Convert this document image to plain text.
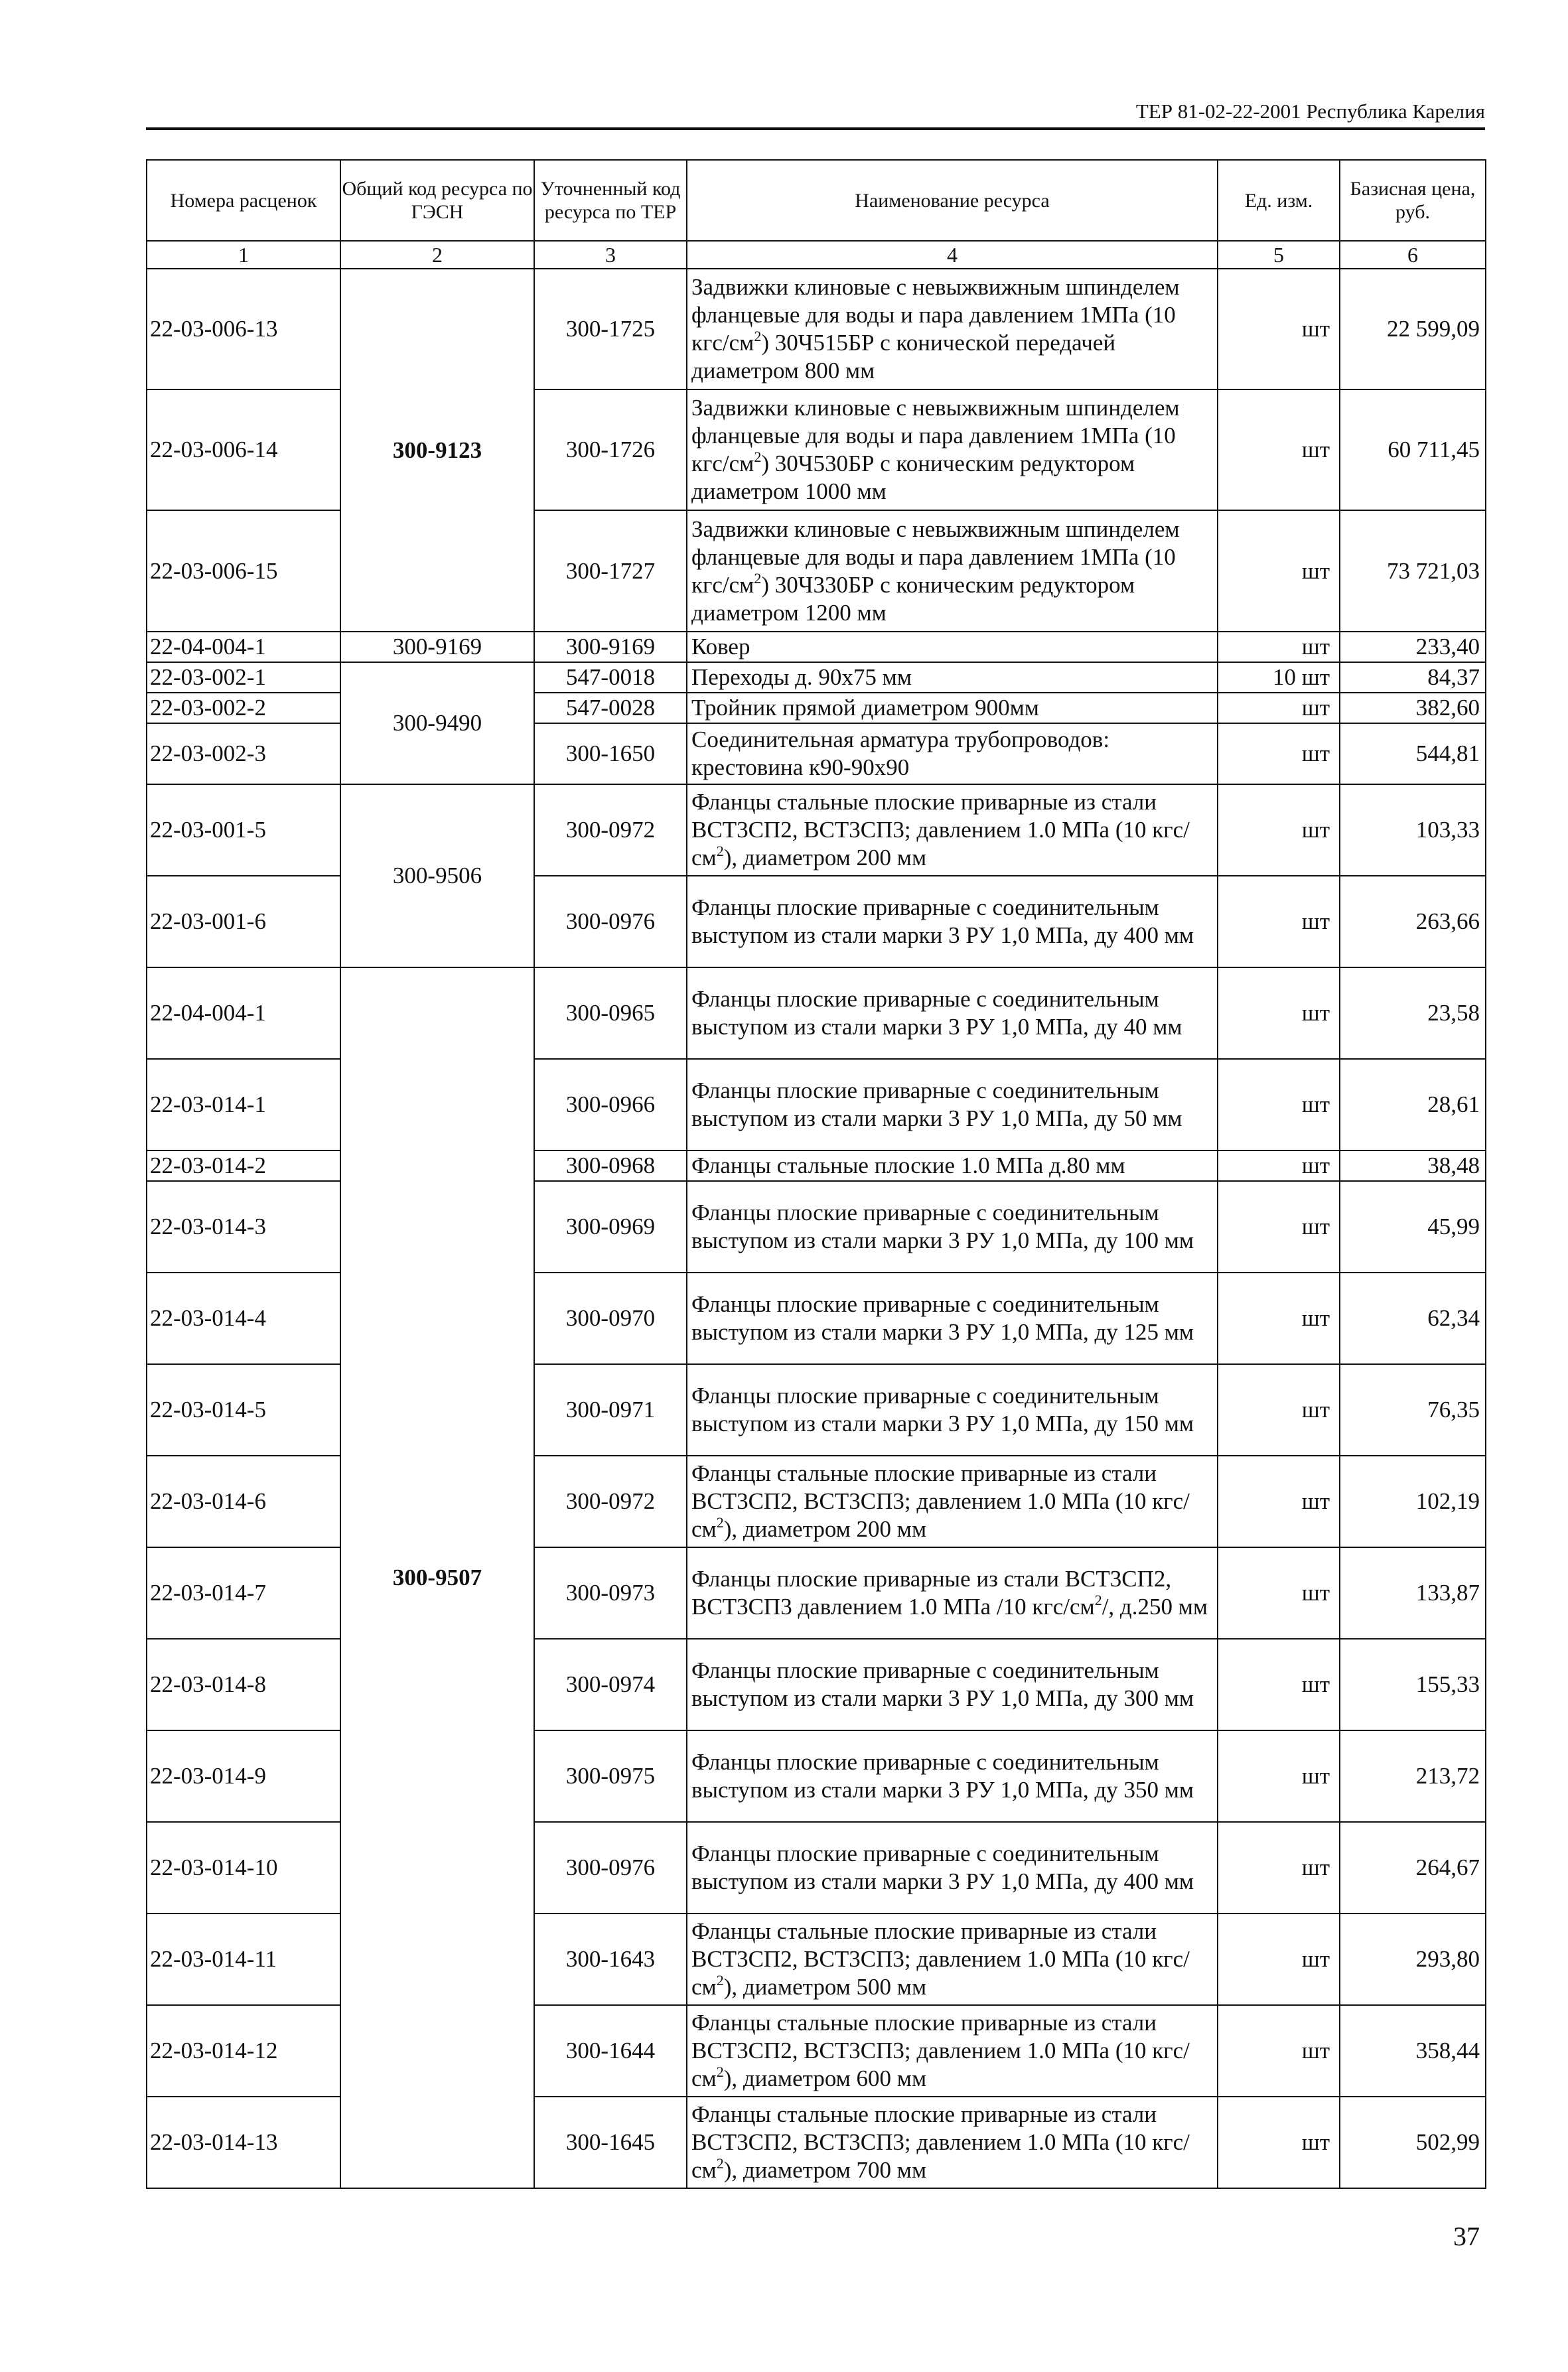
ТЕР 81-02-22-2001 Республика Карелия
Номера расценок	Общий код ресурса по ГЭСН	Уточненный код ресурса по ТЕР	Наименование ресурса	Ед. изм.	Базисная цена, руб.
1	2	3	4	5	6
22-03-006-13	300-9123	300-1725	Задвижки клиновые с невыжвижным шпинделем фланцевые для воды и пара давлением 1МПа (10 кгс/$см^2$) 30Ч515БР с конической передачей диаметром 800 мм	шт	22 599,09
22-03-006-14		300-1726	Задвижки клиновые с невыжвижным шпинделем фланцевые для воды и пара давлением 1МПа (10 кгс/$см^2$) 30Ч530БР с коническим редуктором диаметром 1000 мм	шт	60 711,45
22-03-006-15		300-1727	Задвижки клиновые с невыжвижным шпинделем фланцевые для воды и пара давлением 1МПа (10 кгс/$см^2$) 30Ч330БР с коническим редуктором диаметром 1200 мм	шт	73 721,03
22-04-004-1	300-9169	300-9169	Ковер	шт	233,40
22-03-002-1	300-9490	547-0018	Переходы д. 90х75 мм	10 шт	84,37
22-03-002-2		547-0028	Тройник прямой диаметром 900мм	шт	382,60
22-03-002-3		300-1650	Соединительная арматура трубопроводов: крестовина к90-90х90	шт	544,81
22-03-001-5	300-9506	300-0972	Фланцы стальные плоские приварные из стали ВСТ3СП2, ВСТ3СП3; давлением 1.0 МПа (10 кгс/$см^2$), диаметром 200 мм	шт	103,33
22-03-001-6		300-0976	Фланцы плоские приварные с соединительным выступом из стали марки 3 РУ 1,0 МПа, ду 400 мм	шт	263,66
22-04-004-1	300-9507	300-0965	Фланцы плоские приварные с соединительным выступом из стали марки 3 РУ 1,0 МПа, ду 40 мм	шт	23,58
22-03-014-1		300-0966	Фланцы плоские приварные с соединительным выступом из стали марки 3 РУ 1,0 МПа, ду 50 мм	шт	28,61
22-03-014-2		300-0968	Фланцы стальные плоские 1.0 МПа д.80 мм	шт	38,48
22-03-014-3		300-0969	Фланцы плоские приварные с соединительным выступом из стали марки 3 РУ 1,0 МПа, ду 100 мм	шт	45,99
22-03-014-4		300-0970	Фланцы плоские приварные с соединительным выступом из стали марки 3 РУ 1,0 МПа, ду 125 мм	шт	62,34
22-03-014-5		300-0971	Фланцы плоские приварные с соединительным выступом из стали марки 3 РУ 1,0 МПа, ду 150 мм	шт	76,35
22-03-014-6		300-0972	Фланцы стальные плоские приварные из стали ВСТ3СП2, ВСТ3СП3; давлением 1.0 МПа (10 кгс/$см^2$), диаметром 200 мм	шт	102,19
22-03-014-7		300-0973	Фланцы плоские приварные из стали ВСТ3СП2, ВСТ3СП3 давлением 1.0 МПа /10 кгс/$см^2/$, д.250 мм	шт	133,87
22-03-014-8		300-0974	Фланцы плоские приварные с соединительным выступом из стали марки 3 РУ 1,0 МПа, ду 300 мм	шт	155,33
22-03-014-9		300-0975	Фланцы плоские приварные с соединительным выступом из стали марки 3 РУ 1,0 МПа, ду 350 мм	шт	213,72
22-03-014-10		300-0976	Фланцы плоские приварные с соединительным выступом из стали марки 3 РУ 1,0 МПа, ду 400 мм	шт	264,67
22-03-014-11		300-1643	Фланцы стальные плоские приварные из стали ВСТ3СП2, ВСТ3СП3; давлением 1.0 МПа (10 кгс/$см^2$), диаметром 500 мм	шт	293,80
22-03-014-12		300-1644	Фланцы стальные плоские приварные из стали ВСТ3СП2, ВСТ3СП3; давлением 1.0 МПа (10 кгс/$см^2$), диаметром 600 мм	шт	358,44
22-03-014-13		300-1645	Фланцы стальные плоские приварные из стали ВСТ3СП2, ВСТ3СП3; давлением 1.0 МПа (10 кгс/$см^2$), диаметром 700 мм	шт	502,99
37
